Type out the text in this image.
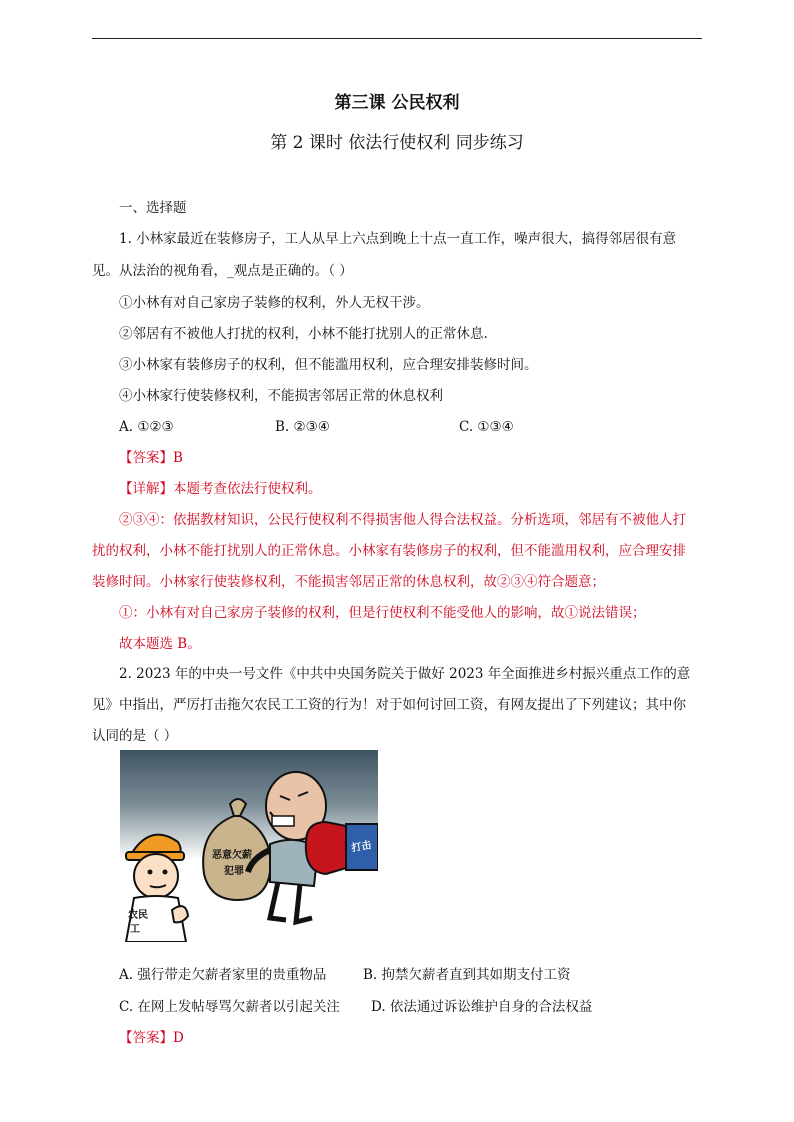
第三课 公民权利
第 2 课时 依法行使权利 同步练习
一、选择题
1. 小林家最近在装修房子，工人从早上六点到晚上十点一直工作，噪声很大，搞得邻居很有意
见。从法治的视角看，_观点是正确的。（ ）
①小林有对自己家房子装修的权利，外人无权干涉。
②邻居有不被他人打扰的权利，小林不能打扰别人的正常休息.
③小林家有装修房子的权利，但不能滥用权利，应合理安排装修时间。
④小林家行使装修权利，不能损害邻居正常的休息权利
A. ①②③	B. ②③④	C. ①③④
【答案】B
【详解】本题考查依法行使权利。
②③④：依据教材知识，公民行使权利不得损害他人得合法权益。分析选项，邻居有不被他人打
扰的权利，小林不能打扰别人的正常休息。小林家有装修房子的权利，但不能滥用权利，应合理安排
装修时间。小林家行使装修权利，不能损害邻居正常的休息权利，故②③④符合题意；
①：小林有对自己家房子装修的权利，但是行使权利不能受他人的影响，故①说法错误；
故本题选 B。
2. 2023 年的中央一号文件《中共中央国务院关于做好 2023 年全面推进乡村振兴重点工作的意
见》中指出，严厉打击拖欠农民工工资的行为！对于如何讨回工资，有网友提出了下列建议；其中你
认同的是（ ）
农民
工
恶意欠薪
犯罪
打击
A. 强行带走欠薪者家里的贵重物品	B. 拘禁欠薪者直到其如期支付工资
C. 在网上发帖辱骂欠薪者以引起关注 D. 依法通过诉讼维护自身的合法权益
【答案】D
